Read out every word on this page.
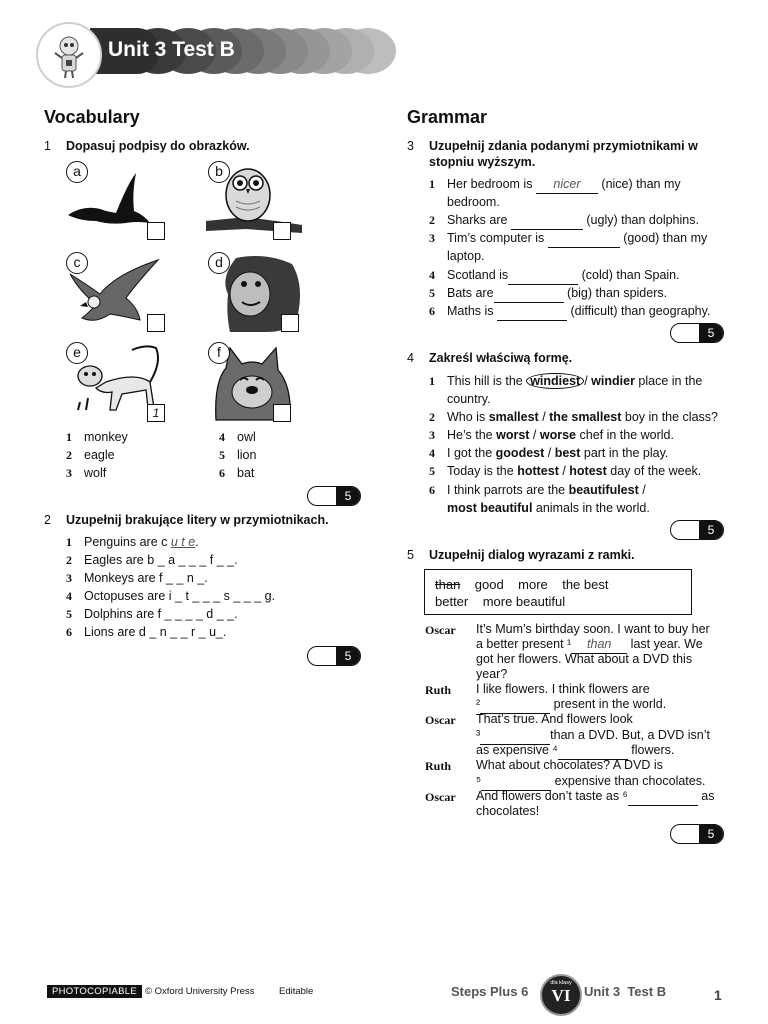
Unit 3 Test B
Vocabulary
1 Dopasuj podpisy do obrazków.
a	b
c	d
e
1
f
1 monkey
2 eagle
3 wolf
4 owl
5 lion
6 bat
5
2 Uzupełnij brakujące litery w przymiotnikach.
1 Penguins are c u t e.
2 Eagles are b _ a _ _ _ f _ _.
3 Monkeys are f _ _ n _.
4 Octopuses are i _ t _ _ _ s _ _ _ g.
5 Dolphins are f _ _ _ _ d _ _.
6 Lions are d _ n _ _ r _ u_.
5
Grammar
3 Uzupełnij zdania podanymi przymiotnikami w
stopniu wyższym.
1 Her bedroom is nicer (nice) than my
bedroom.
2 Sharks are	(ugly) than dolphins.
3 Tim’s computer is	(good) than my
laptop.
4 Scotland is	(cold) than Spain.
5 Bats are	(big) than spiders.
6 Maths is	(difficult) than geography.
5
4 Zakreśl właściwą formę.
1 This hill is the windiest / windier place in the
country.
2 Who is smallest / the smallest boy in the class?
3 He’s the worst / worse chef in the world.
4 I got the goodest / best part in the play.
5 Today is the hottest / hotest day of the week.
6 I think parrots are the beautifulest /
most beautiful animals in the world.
5
5 Uzupełnij dialog wyrazami z ramki.
than good more the best
better more beautiful
Oscar It’s Mum’s birthday soon. I want to buy her
a better present ¹ than last year. We
got her flowers. What about a DVD this
year?
Ruth I like flowers. I think flowers are
²	present in the world.
Oscar That’s true. And flowers look
³	than a DVD. But, a DVD isn’t
as expensive ⁴	flowers.
Ruth What about chocolates? A DVD is
⁵	expensive than chocolates.
Oscar And flowers don’t taste as ⁶	as
chocolates!
5
PHOTOCOPIABLE © Oxford University Press	Editable	Steps Plus 6
dla klasy
VI	Unit 3  Test B	1
